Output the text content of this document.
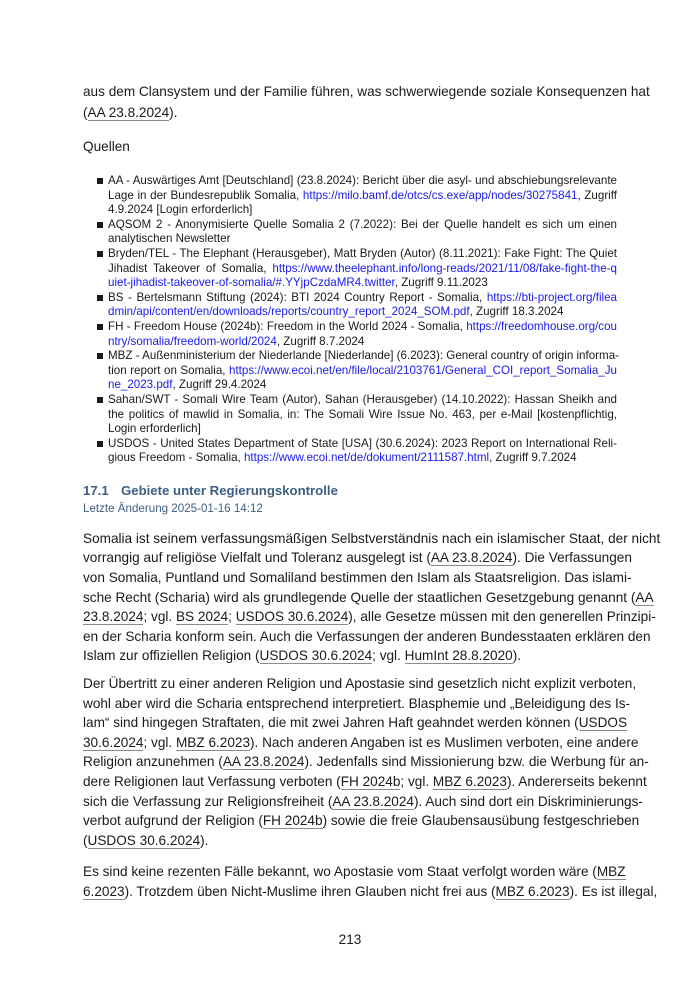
aus dem Clansystem und der Familie führen, was schwerwiegende soziale Konsequenzen hat
(AA 23.8.2024).
Quellen
AA - Auswärtiges Amt [Deutschland] (23.8.2024): Bericht über die asyl- und abschiebungsrelevante
Lage in der Bundesrepublik Somalia, https://milo.bamf.de/otcs/cs.exe/app/nodes/30275841, Zugriff
4.9.2024 [Login erforderlich]
AQSOM 2 - Anonymisierte Quelle Somalia 2 (7.2022): Bei der Quelle handelt es sich um einen
analytischen Newsletter
Bryden/TEL - The Elephant (Herausgeber), Matt Bryden (Autor) (8.11.2021): Fake Fight: The Quiet
Jihadist Takeover of Somalia, https://www.theelephant.info/long-reads/2021/11/08/fake-fight-the-q
uiet-jihadist-takeover-of-somalia/#.YYjpCzdaMR4.twitter, Zugriff 9.11.2023
BS - Bertelsmann Stiftung (2024): BTI 2024 Country Report - Somalia, https://bti-project.org/filea
dmin/api/content/en/downloads/reports/country_report_2024_SOM.pdf, Zugriff 18.3.2024
FH - Freedom House (2024b): Freedom in the World 2024 - Somalia, https://freedomhouse.org/cou
ntry/somalia/freedom-world/2024, Zugriff 8.7.2024
MBZ - Außenministerium der Niederlande [Niederlande] (6.2023): General country of origin informa-
tion report on Somalia, https://www.ecoi.net/en/file/local/2103761/General_COI_report_Somalia_Ju
ne_2023.pdf, Zugriff 29.4.2024
Sahan/SWT - Somali Wire Team (Autor), Sahan (Herausgeber) (14.10.2022): Hassan Sheikh and
the politics of mawlid in Somalia, in: The Somali Wire Issue No. 463, per e-Mail [kostenpflichtig,
Login erforderlich]
USDOS - United States Department of State [USA] (30.6.2024): 2023 Report on International Reli-
gious Freedom - Somalia, https://www.ecoi.net/de/dokument/2111587.html, Zugriff 9.7.2024
17.1 Gebiete unter Regierungskontrolle
Letzte Änderung 2025-01-16 14:12
Somalia ist seinem verfassungsmäßigen Selbstverständnis nach ein islamischer Staat, der nicht
vorrangig auf religiöse Vielfalt und Toleranz ausgelegt ist (AA 23.8.2024). Die Verfassungen
von Somalia, Puntland und Somaliland bestimmen den Islam als Staatsreligion. Das islami-
sche Recht (Scharia) wird als grundlegende Quelle der staatlichen Gesetzgebung genannt (AA
23.8.2024; vgl. BS 2024; USDOS 30.6.2024), alle Gesetze müssen mit den generellen Prinzipi-
en der Scharia konform sein. Auch die Verfassungen der anderen Bundesstaaten erklären den
Islam zur offiziellen Religion (USDOS 30.6.2024; vgl. HumInt 28.8.2020).
Der Übertritt zu einer anderen Religion und Apostasie sind gesetzlich nicht explizit verboten,
wohl aber wird die Scharia entsprechend interpretiert. Blasphemie und „Beleidigung des Is-
lam“ sind hingegen Straftaten, die mit zwei Jahren Haft geahndet werden können (USDOS
30.6.2024; vgl. MBZ 6.2023). Nach anderen Angaben ist es Muslimen verboten, eine andere
Religion anzunehmen (AA 23.8.2024). Jedenfalls sind Missionierung bzw. die Werbung für an-
dere Religionen laut Verfassung verboten (FH 2024b; vgl. MBZ 6.2023). Andererseits bekennt
sich die Verfassung zur Religionsfreiheit (AA 23.8.2024). Auch sind dort ein Diskriminierungs-
verbot aufgrund der Religion (FH 2024b) sowie die freie Glaubensausübung festgeschrieben
(USDOS 30.6.2024).
Es sind keine rezenten Fälle bekannt, wo Apostasie vom Staat verfolgt worden wäre (MBZ
6.2023). Trotzdem üben Nicht-Muslime ihren Glauben nicht frei aus (MBZ 6.2023). Es ist illegal,
213
